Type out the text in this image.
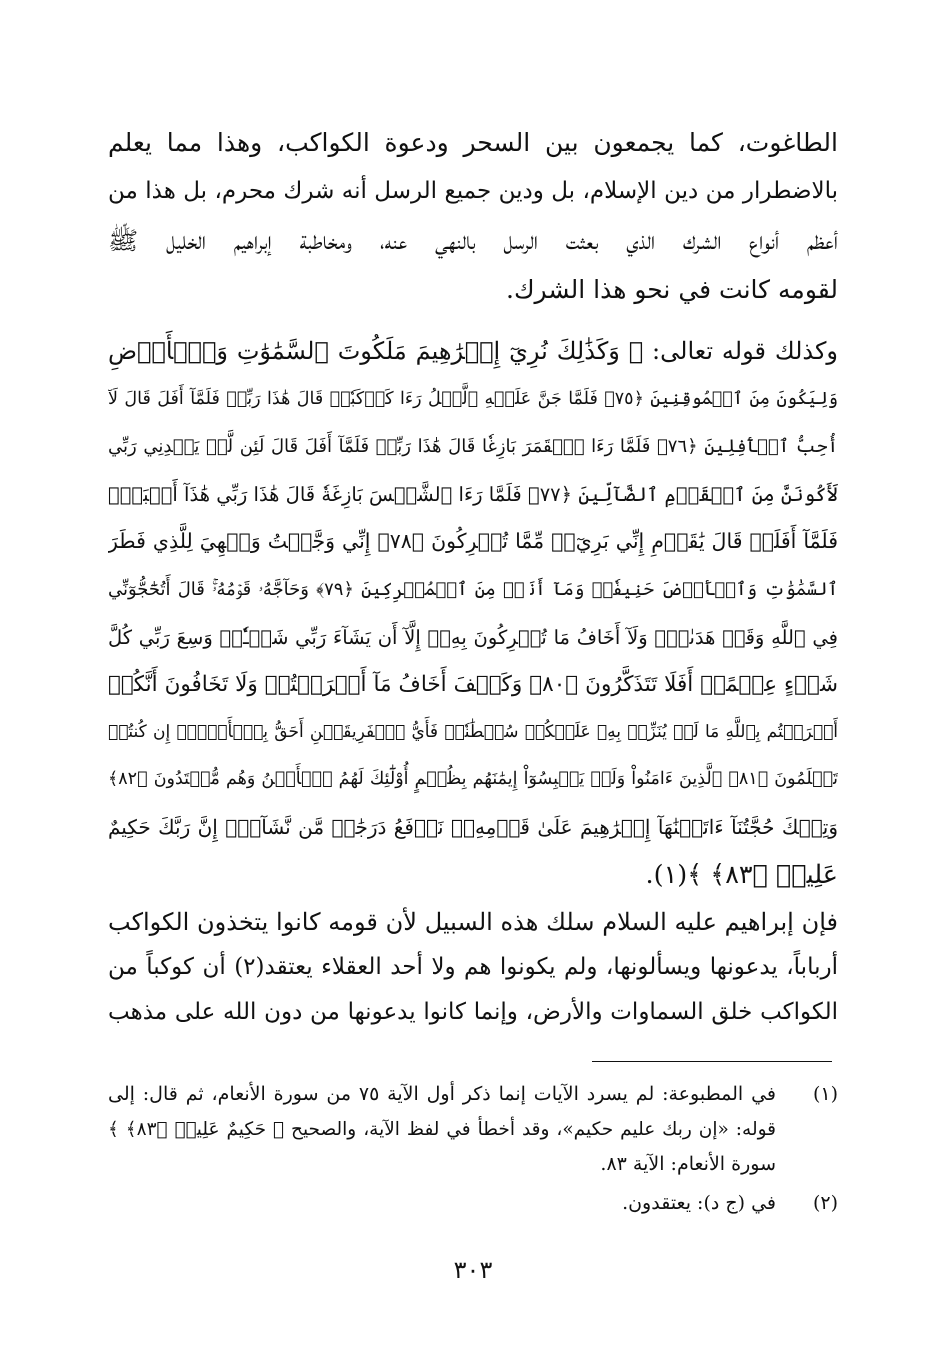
الطاغوت، كما يجمعون بين السحر ودعوة الكواكب، وهذا مما يعلم
بالاضطرار من دين الإسلام، بل ودين جميع الرسل أنه شرك محرم، بل هذا من
أعظم أنواع الشرك الذي بعثت الرسل بالنهي عنه، ومخاطبة إبراهيم الخليل ﷺ
لقومه كانت في نحو هذا الشرك.
وكذلك قوله تعالى: ﴿ وَكَذَٰلِكَ نُرِيٓ إِبۡرَٰهِيمَ مَلَكُوتَ ٱلسَّمَٰوَٰتِ وَٱلۡأَرۡضِ
وَلِيَكُونَ مِنَ ٱلۡمُوقِنِينَ ﴿٧٥﴾ فَلَمَّا جَنَّ عَلَيۡهِ ٱلَّيۡلُ رَءَا كَوۡكَبٗاۖ قَالَ هَٰذَا رَبِّيۖ فَلَمَّآ أَفَلَ قَالَ لَآ
أُحِبُّ ٱلۡأٓفِلِينَ ﴿٧٦﴾ فَلَمَّا رَءَا ٱلۡقَمَرَ بَازِغٗا قَالَ هَٰذَا رَبِّيۖ فَلَمَّآ أَفَلَ قَالَ لَئِن لَّمۡ يَهۡدِنِي رَبِّي
لَأَكُونَنَّ مِنَ ٱلۡقَوۡمِ ٱلضَّآلِّينَ ﴿٧٧﴾ فَلَمَّا رَءَا ٱلشَّمۡسَ بَازِغَةٗ قَالَ هَٰذَا رَبِّي هَٰذَآ أَكۡبَرُۖ
فَلَمَّآ أَفَلَتۡ قَالَ يَٰقَوۡمِ إِنِّي بَرِيٓءٞ مِّمَّا تُشۡرِكُونَ ﴿٧٨﴾ إِنِّي وَجَّهۡتُ وَجۡهِيَ لِلَّذِي فَطَرَ
ٱلسَّمَٰوَٰتِ وَٱلۡأَرۡضَ حَنِيفٗاۖ وَمَآ أَنَا۠ مِنَ ٱلۡمُشۡرِكِينَ ﴿٧٩﴾ وَحَآجَّهُۥ قَوۡمُهُۥۚ قَالَ أَتُحَٰٓجُّوٓنِّي
فِي ٱللَّهِ وَقَدۡ هَدَىٰنِۚ وَلَآ أَخَافُ مَا تُشۡرِكُونَ بِهِۦٓ إِلَّآ أَن يَشَآءَ رَبِّي شَيۡـٔٗاۚ وَسِعَ رَبِّي كُلَّ
شَيۡءٍ عِلۡمًاۚ أَفَلَا تَتَذَكَّرُونَ ﴿٨٠﴾ وَكَيۡفَ أَخَافُ مَآ أَشۡرَكۡتُمۡ وَلَا تَخَافُونَ أَنَّكُمۡ
أَشۡرَكۡتُم بِٱللَّهِ مَا لَمۡ يُنَزِّلۡ بِهِۦ عَلَيۡكُمۡ سُلۡطَٰنٗاۚ فَأَيُّ ٱلۡفَرِيقَيۡنِ أَحَقُّ بِٱلۡأَمۡنِۖ إِن كُنتُمۡ
تَعۡلَمُونَ ﴿٨١﴾ ٱلَّذِينَ ءَامَنُواْ وَلَمۡ يَلۡبِسُوٓاْ إِيمَٰنَهُم بِظُلۡمٍ أُوْلَٰٓئِكَ لَهُمُ ٱلۡأَمۡنُ وَهُم مُّهۡتَدُونَ ﴿٨٢﴾
وَتِلۡكَ حُجَّتُنَآ ءَاتَيۡنَٰهَآ إِبۡرَٰهِيمَ عَلَىٰ قَوۡمِهِۦۚ نَرۡفَعُ دَرَجَٰتٖ مَّن نَّشَآءُۗ إِنَّ رَبَّكَ حَكِيمٌ
عَلِيمٞ ﴿٨٣﴾ ﴾(١).
فإن إبراهيم عليه السلام سلك هذه السبيل لأن قومه كانوا يتخذون الكواكب
أرباباً، يدعونها ويسألونها، ولم يكونوا هم ولا أحد العقلاء يعتقد(٢) أن كوكباً من
الكواكب خلق السماوات والأرض، وإنما كانوا يدعونها من دون الله على مذهب
(١)
في المطبوعة: لم يسرد الآيات إنما ذكر أول الآية ٧٥ من سورة الأنعام، ثم قال: إلى
قوله: «إن ربك عليم حكيم»، وقد أخطأ في لفظ الآية، والصحيح ﴿ حَكِيمٌ عَلِيمٞ ﴿٨٣﴾ ﴾
سورة الأنعام: الآية ٨٣.
(٢)
في (ج د): يعتقدون.
٣٠٣
